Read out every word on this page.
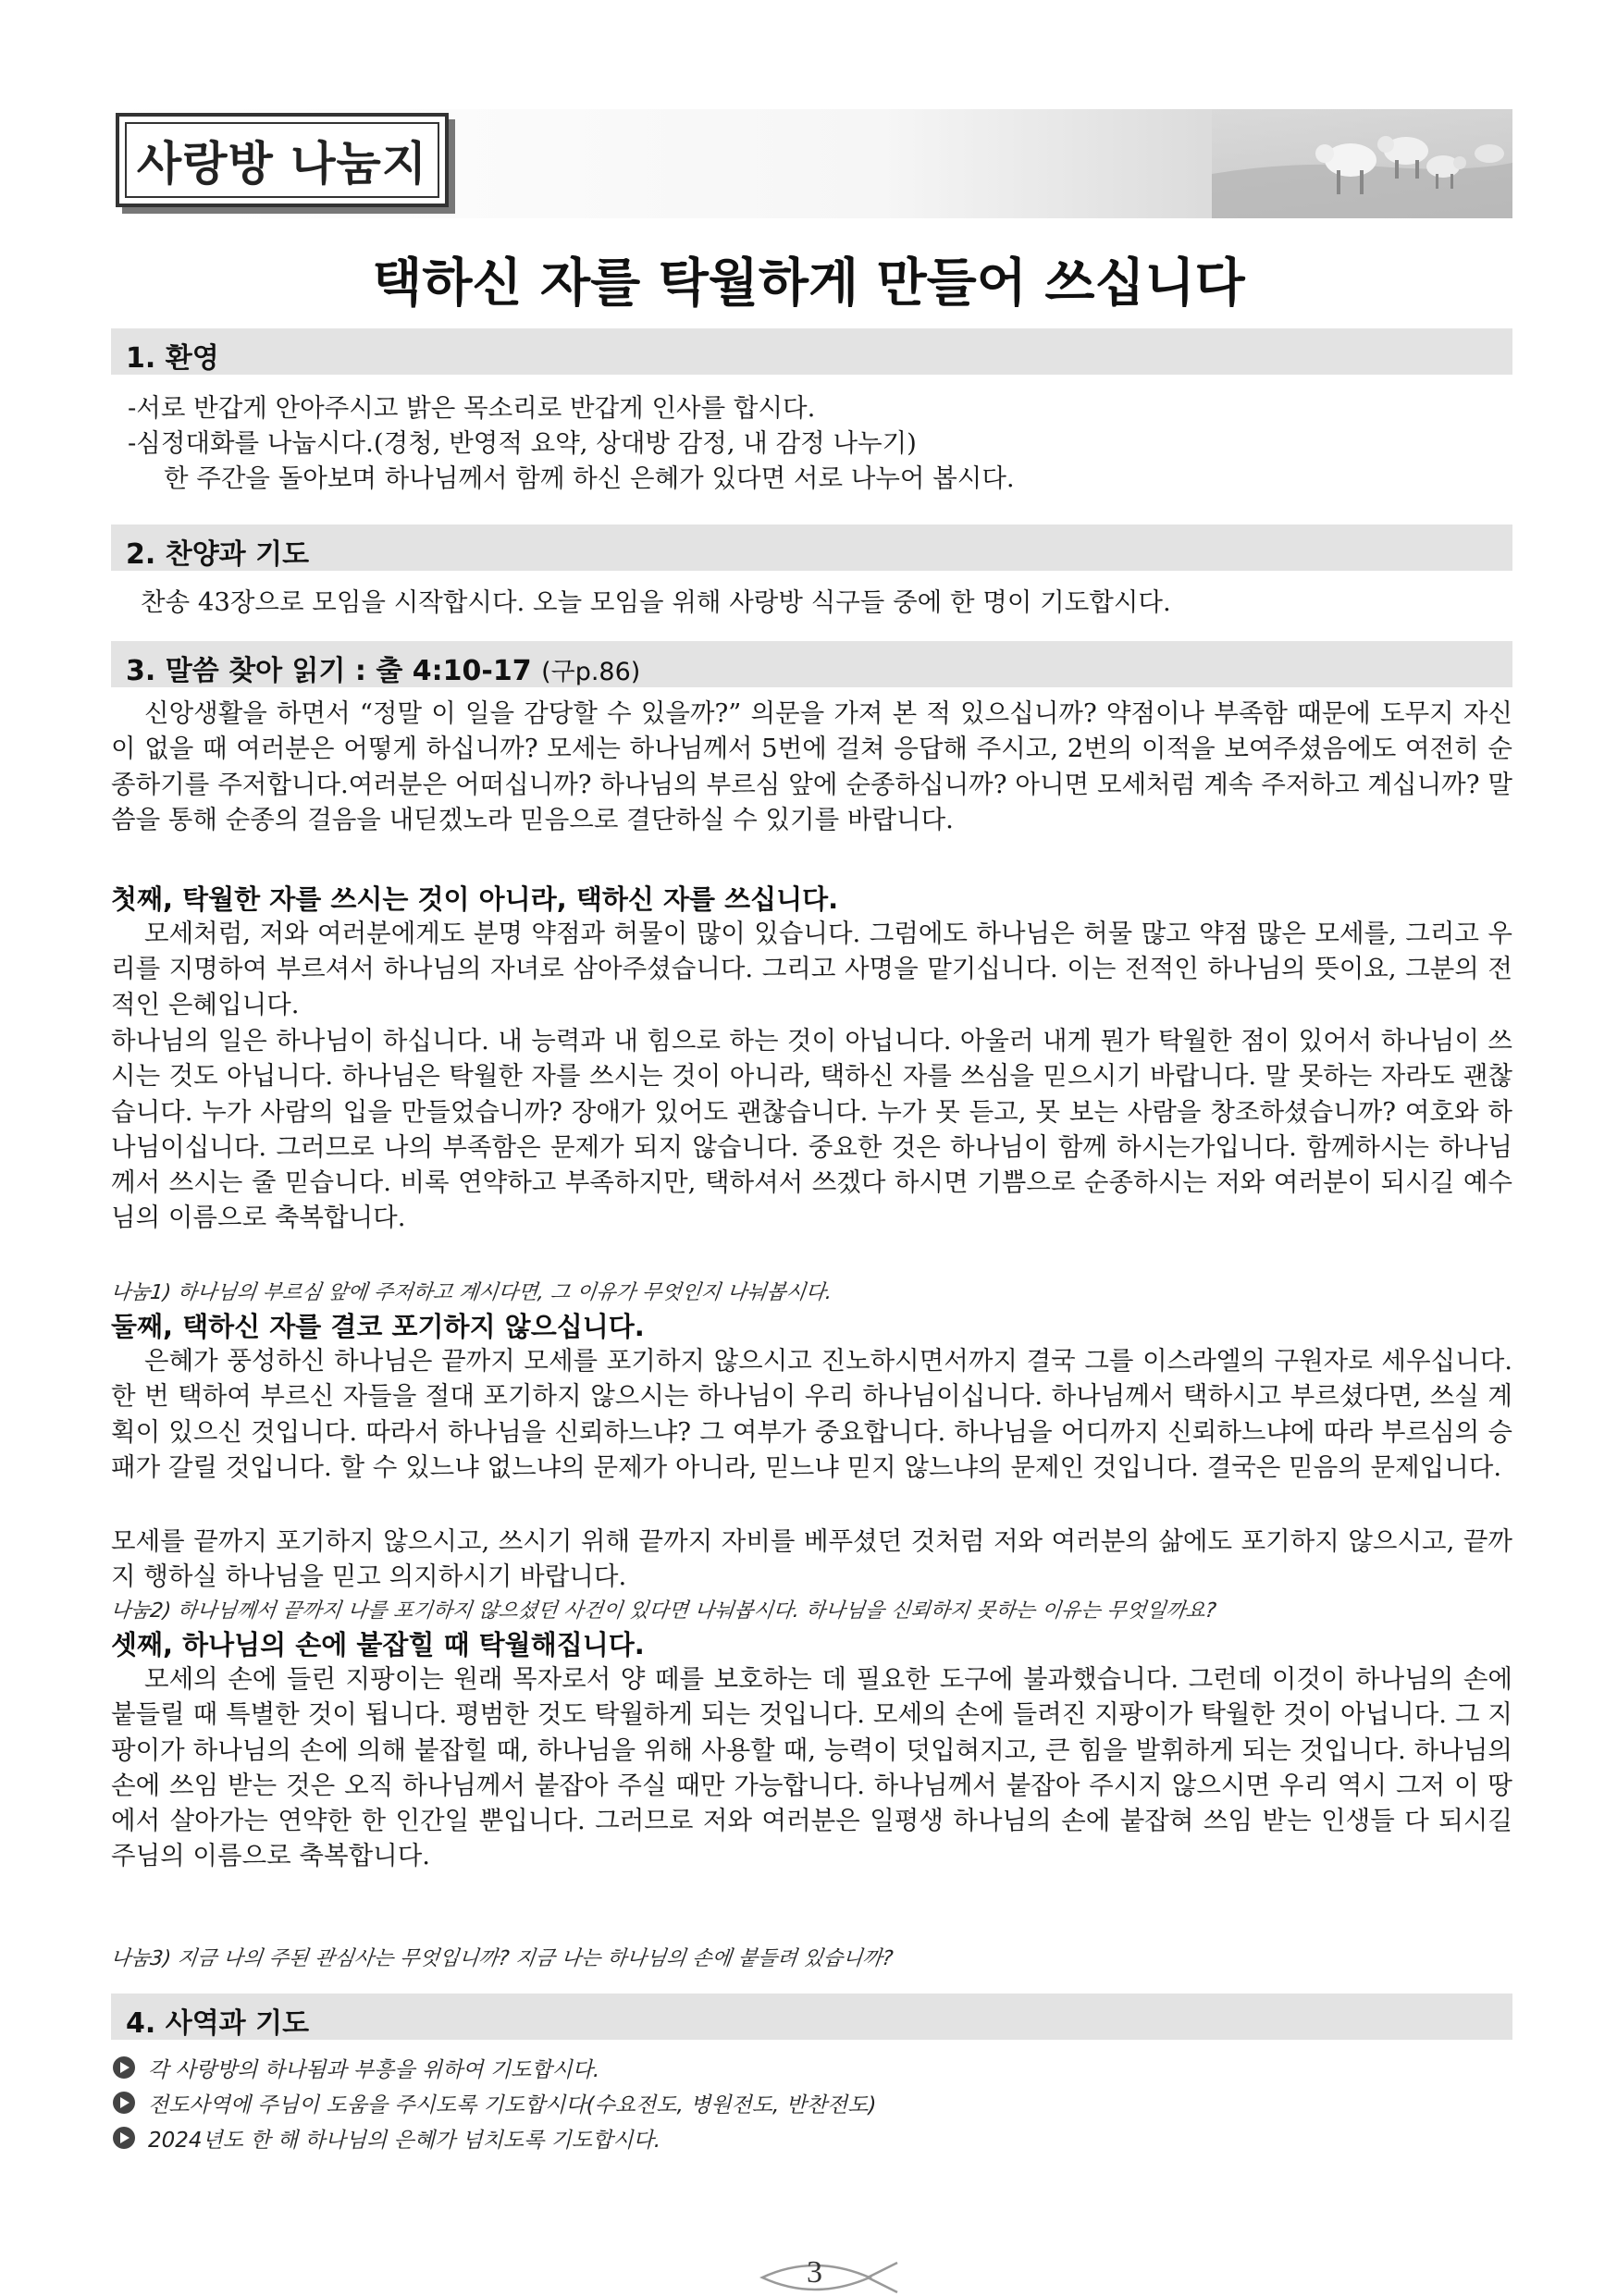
사랑방 나눔지
택하신 자를 탁월하게 만들어 쓰십니다
1. 환영
-서로 반갑게 안아주시고 밝은 목소리로 반갑게 인사를 합시다.
-심정대화를 나눕시다.(경청, 반영적 요약, 상대방 감정, 내 감정 나누기)
한 주간을 돌아보며 하나님께서 함께 하신 은혜가 있다면 서로 나누어 봅시다.
2. 찬양과 기도
찬송 43장으로 모임을 시작합시다. 오늘 모임을 위해 사랑방 식구들 중에 한 명이 기도합시다.
3. 말씀 찾아 읽기 : 출 4:10-17 (구p.86)
신앙생활을 하면서 “정말 이 일을 감당할 수 있을까?” 의문을 가져 본 적 있으십니까? 약점이나 부족함 때문에 도무지 자신이 없을 때 여러분은 어떻게 하십니까? 모세는 하나님께서 5번에 걸쳐 응답해 주시고, 2번의 이적을 보여주셨음에도 여전히 순종하기를 주저합니다.여러분은 어떠십니까? 하나님의 부르심 앞에 순종하십니까? 아니면 모세처럼 계속 주저하고 계십니까? 말씀을 통해 순종의 걸음을 내딛겠노라 믿음으로 결단하실 수 있기를 바랍니다.
첫째, 탁월한 자를 쓰시는 것이 아니라, 택하신 자를 쓰십니다.
모세처럼, 저와 여러분에게도 분명 약점과 허물이 많이 있습니다. 그럼에도 하나님은 허물 많고 약점 많은 모세를, 그리고 우리를 지명하여 부르셔서 하나님의 자녀로 삼아주셨습니다. 그리고 사명을 맡기십니다. 이는 전적인 하나님의 뜻이요, 그분의 전적인 은혜입니다.
하나님의 일은 하나님이 하십니다. 내 능력과 내 힘으로 하는 것이 아닙니다. 아울러 내게 뭔가 탁월한 점이 있어서 하나님이 쓰시는 것도 아닙니다. 하나님은 탁월한 자를 쓰시는 것이 아니라, 택하신 자를 쓰심을 믿으시기 바랍니다. 말 못하는 자라도 괜찮습니다. 누가 사람의 입을 만들었습니까? 장애가 있어도 괜찮습니다. 누가 못 듣고, 못 보는 사람을 창조하셨습니까? 여호와 하나님이십니다. 그러므로 나의 부족함은 문제가 되지 않습니다. 중요한 것은 하나님이 함께 하시는가입니다. 함께하시는 하나님께서 쓰시는 줄 믿습니다. 비록 연약하고 부족하지만, 택하셔서 쓰겠다 하시면 기쁨으로 순종하시는 저와 여러분이 되시길 예수님의 이름으로 축복합니다.
나눔1) 하나님의 부르심 앞에 주저하고 계시다면, 그 이유가 무엇인지 나눠봅시다.
둘째, 택하신 자를 결코 포기하지 않으십니다.
은혜가 풍성하신 하나님은 끝까지 모세를 포기하지 않으시고 진노하시면서까지 결국 그를 이스라엘의 구원자로 세우십니다. 한 번 택하여 부르신 자들을 절대 포기하지 않으시는 하나님이 우리 하나님이십니다. 하나님께서 택하시고 부르셨다면, 쓰실 계획이 있으신 것입니다. 따라서 하나님을 신뢰하느냐? 그 여부가 중요합니다. 하나님을 어디까지 신뢰하느냐에 따라 부르심의 승패가 갈릴 것입니다. 할 수 있느냐 없느냐의 문제가 아니라, 믿느냐 믿지 않느냐의 문제인 것입니다. 결국은 믿음의 문제입니다.
모세를 끝까지 포기하지 않으시고, 쓰시기 위해 끝까지 자비를 베푸셨던 것처럼 저와 여러분의 삶에도 포기하지 않으시고, 끝까지 행하실 하나님을 믿고 의지하시기 바랍니다.
나눔2) 하나님께서 끝까지 나를 포기하지 않으셨던 사건이 있다면 나눠봅시다. 하나님을 신뢰하지 못하는 이유는 무엇일까요?
셋째, 하나님의 손에 붙잡힐 때 탁월해집니다.
모세의 손에 들린 지팡이는 원래 목자로서 양 떼를 보호하는 데 필요한 도구에 불과했습니다. 그런데 이것이 하나님의 손에 붙들릴 때 특별한 것이 됩니다. 평범한 것도 탁월하게 되는 것입니다. 모세의 손에 들려진 지팡이가 탁월한 것이 아닙니다. 그 지팡이가 하나님의 손에 의해 붙잡힐 때, 하나님을 위해 사용할 때, 능력이 덧입혀지고, 큰 힘을 발휘하게 되는 것입니다. 하나님의 손에 쓰임 받는 것은 오직 하나님께서 붙잡아 주실 때만 가능합니다. 하나님께서 붙잡아 주시지 않으시면 우리 역시 그저 이 땅에서 살아가는 연약한 한 인간일 뿐입니다. 그러므로 저와 여러분은 일평생 하나님의 손에 붙잡혀 쓰임 받는 인생들 다 되시길 주님의 이름으로 축복합니다.
나눔3) 지금 나의 주된 관심사는 무엇입니까? 지금 나는 하나님의 손에 붙들려 있습니까?
4. 사역과 기도
각 사랑방의 하나됨과 부흥을 위하여 기도합시다.
전도사역에 주님이 도움을 주시도록 기도합시다(수요전도, 병원전도, 반찬전도)
2024년도 한 해 하나님의 은혜가 넘치도록 기도합시다.
3
